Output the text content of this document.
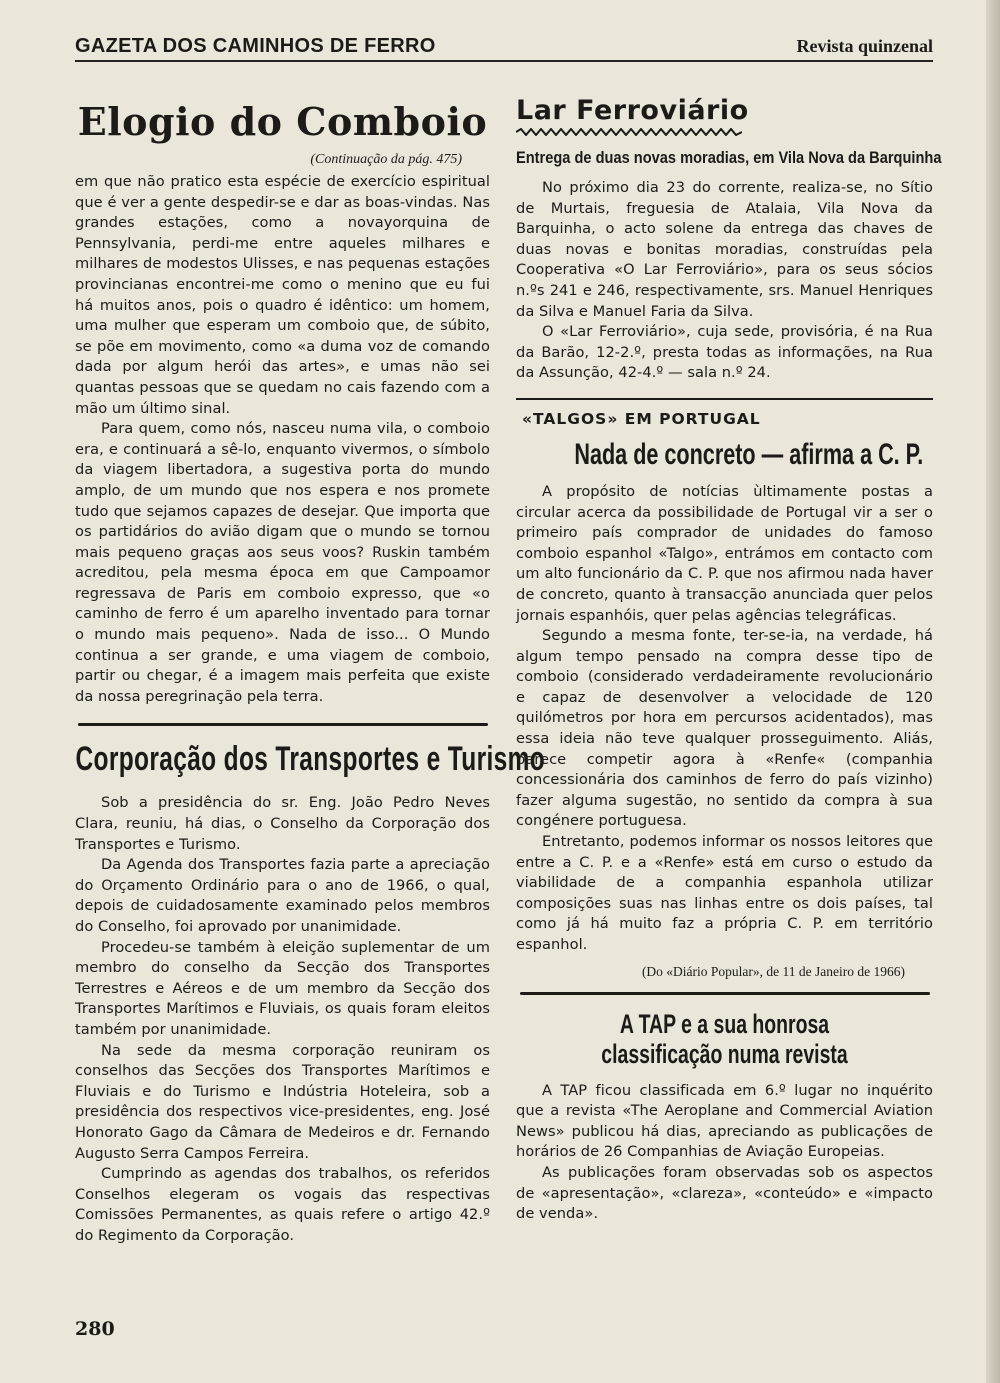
GAZETA DOS CAMINHOS DE FERRO	Revista quinzenal
Elogio do Comboio
(Continuação da pág. 475)

em que não pratico esta espécie de exercício espiritual que é ver a gente despedir-se e dar as boas-vindas. Nas grandes estações, como a novayorquina de Pennsylvania, perdi-me entre aqueles milhares e milhares de modestos Ulisses, e nas pequenas estações provincianas encontrei-me como o menino que eu fui há muitos anos, pois o quadro é idêntico: um homem, uma mulher que esperam um comboio que, de súbito, se põe em movimento, como «a duma voz de comando dada por algum herói das artes», e umas não sei quantas pessoas que se quedam no cais fazendo com a mão um último sinal.

Para quem, como nós, nasceu numa vila, o comboio era, e continuará a sê-lo, enquanto vivermos, o símbolo da viagem libertadora, a sugestiva porta do mundo amplo, de um mundo que nos espera e nos promete tudo que sejamos capazes de desejar. Que importa que os partidários do avião digam que o mundo se tornou mais pequeno graças aos seus voos? Ruskin também acreditou, pela mesma época em que Campoamor regressava de Paris em comboio expresso, que «o caminho de ferro é um aparelho inventado para tornar o mundo mais pequeno». Nada de isso... O Mundo continua a ser grande, e uma viagem de comboio, partir ou chegar, é a imagem mais perfeita que existe da nossa peregrinação pela terra.

Corporação dos Transportes e Turismo

Sob a presidência do sr. Eng. João Pedro Neves Clara, reuniu, há dias, o Conselho da Corporação dos Transportes e Turismo.

Da Agenda dos Transportes fazia parte a apreciação do Orçamento Ordinário para o ano de 1966, o qual, depois de cuidadosamente examinado pelos membros do Conselho, foi aprovado por unanimidade.

Procedeu-se também à eleição suplementar de um membro do conselho da Secção dos Transportes Terrestres e Aéreos e de um membro da Secção dos Transportes Marítimos e Fluviais, os quais foram eleitos também por unanimidade.

Na sede da mesma corporação reuniram os conselhos das Secções dos Transportes Marítimos e Fluviais e do Turismo e Indústria Hoteleira, sob a presidência dos respectivos vice-presidentes, eng. José Honorato Gago da Câmara de Medeiros e dr. Fernando Augusto Serra Campos Ferreira.

Cumprindo as agendas dos trabalhos, os referidos Conselhos elegeram os vogais das respectivas Comissões Permanentes, as quais refere o artigo 42.º do Regimento da Corporação.

Lar Ferroviário
Entrega de duas novas moradias, em Vila Nova da Barquinha

No próximo dia 23 do corrente, realiza-se, no Sítio de Murtais, freguesia de Atalaia, Vila Nova da Barquinha, o acto solene da entrega das chaves de duas novas e bonitas moradias, construídas pela Cooperativa «O Lar Ferroviário», para os seus sócios n.ºs 241 e 246, respectivamente, srs. Manuel Henriques da Silva e Manuel Faria da Silva.

O «Lar Ferroviário», cuja sede, provisória, é na Rua da Barão, 12-2.º, presta todas as informações, na Rua da Assunção, 42-4.º — sala n.º 24.

«TALGOS» EM PORTUGAL
Nada de concreto — afirma a C. P.

A propósito de notícias ùltimamente postas a circular acerca da possibilidade de Portugal vir a ser o primeiro país comprador de unidades do famoso comboio espanhol «Talgo», entrámos em contacto com um alto funcionário da C. P. que nos afirmou nada haver de concreto, quanto à transacção anunciada quer pelos jornais espanhóis, quer pelas agências telegráficas.

Segundo a mesma fonte, ter-se-ia, na verdade, há algum tempo pensado na compra desse tipo de comboio (considerado verdadeiramente revolucionário e capaz de desenvolver a velocidade de 120 quilómetros por hora em percursos acidentados), mas essa ideia não teve qualquer prosseguimento. Aliás, parece competir agora à «Renfe« (companhia concessionária dos caminhos de ferro do país vizinho) fazer alguma sugestão, no sentido da compra à sua congénere portuguesa.

Entretanto, podemos informar os nossos leitores que entre a C. P. e a «Renfe» está em curso o estudo da viabilidade de a companhia espanhola utilizar composições suas nas linhas entre os dois países, tal como já há muito faz a própria C. P. em território espanhol.

(Do «Diário Popular», de 11 de Janeiro de 1966)
A TAP e a sua honrosa
classificação numa revista

A TAP ficou classificada em 6.º lugar no inquérito que a revista «The Aeroplane and Commercial Aviation News» publicou há dias, apreciando as publicações de horários de 26 Companhias de Aviação Europeias.

As publicações foram observadas sob os aspectos de «apresentação», «clareza», «conteúdo» e «impacto de venda».

280
